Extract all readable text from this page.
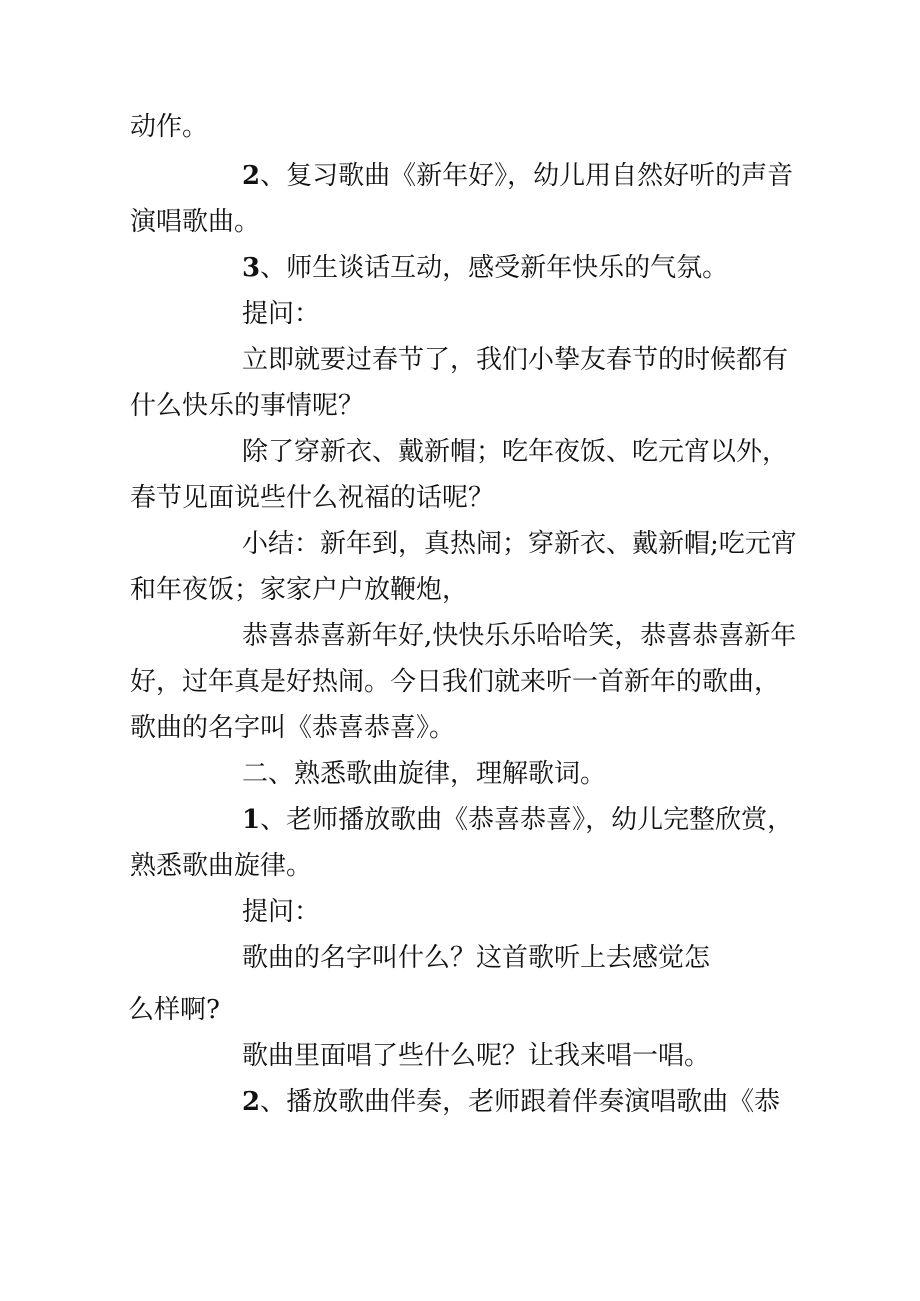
动作。
2、复习歌曲《新年好》，幼儿用自然好听的声音
演唱歌曲。
3、师生谈话互动，感受新年快乐的气氛。
提问：
立即就要过春节了，我们小挚友春节的时候都有
什么快乐的事情呢？
除了穿新衣、戴新帽；吃年夜饭、吃元宵以外，
春节见面说些什么祝福的话呢？
小结：新年到，真热闹；穿新衣、戴新帽;吃元宵
和年夜饭；家家户户放鞭炮，
恭喜恭喜新年好,快快乐乐哈哈笑，恭喜恭喜新年
好，过年真是好热闹。今日我们就来听一首新年的歌曲，
歌曲的名字叫《恭喜恭喜》。
二、熟悉歌曲旋律，理解歌词。
1、老师播放歌曲《恭喜恭喜》，幼儿完整欣赏，
熟悉歌曲旋律。
提问：
歌曲的名字叫什么？这首歌听上去感觉怎
么样啊?
歌曲里面唱了些什么呢？让我来唱一唱。
2、播放歌曲伴奏，老师跟着伴奏演唱歌曲《恭
